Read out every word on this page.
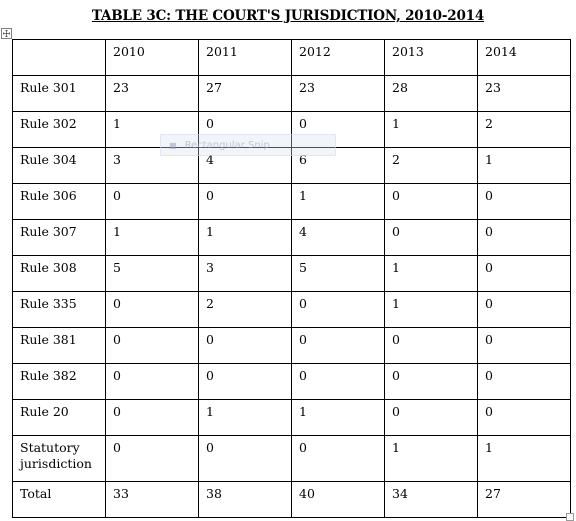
TABLE 3C: THE COURT'S JURISDICTION, 2010-2014
	2010	2011	2012	2013	2014
Rule 301	23	27	23	28	23
Rule 302	1	0	0	1	2
Rule 304	3	4	6	2	1
Rule 306	0	0	1	0	0
Rule 307	1	1	4	0	0
Rule 308	5	3	5	1	0
Rule 335	0	2	0	1	0
Rule 381	0	0	0	0	0
Rule 382	0	0	0	0	0
Rule 20	0	1	1	0	0
Statutory jurisdiction	0	0	0	1	1
Total	33	38	40	34	27
■ Rectangular Snip
